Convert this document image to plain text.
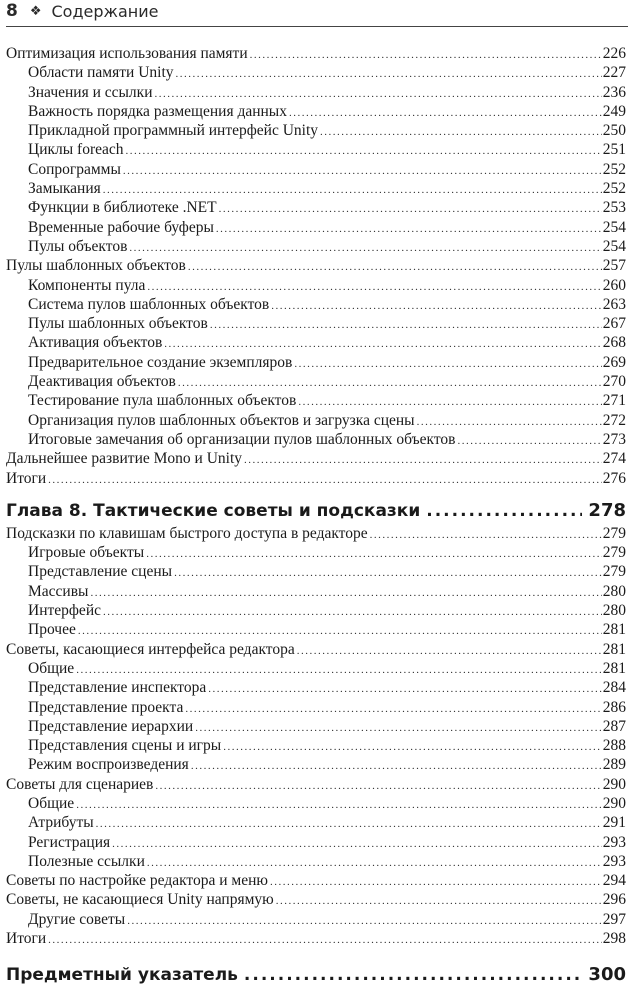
8 ❖ Содержание
Оптимизация использования памяти .....	226
Области памяти Unity .....	227
Значения и ссылки .....	236
Важность порядка размещения данных .....	249
Прикладной программный интерфейс Unity .....	250
Циклы foreach .....	251
Сопрограммы .....	252
Замыкания .....	252
Функции в библиотеке .NET .....	253
Временные рабочие буферы .....	254
Пулы объектов .....	254
Пулы шаблонных объектов .....	257
Компоненты пула .....	260
Система пулов шаблонных объектов .....	263
Пулы шаблонных объектов .....	267
Активация объектов .....	268
Предварительное создание экземпляров .....	269
Деактивация объектов .....	270
Тестирование пула шаблонных объектов .....	271
Организация пулов шаблонных объектов и загрузка сцены .....	272
Итоговые замечания об организации пулов шаблонных объектов .....	273
Дальнейшее развитие Mono и Unity .....	274
Итоги .....	276
Глава 8. Тактические советы и подсказки .....	278
Подсказки по клавишам быстрого доступа в редакторе .....	279
Игровые объекты .....	279
Представление сцены .....	279
Массивы .....	280
Интерфейс .....	280
Прочее .....	281
Советы, касающиеся интерфейса редактора .....	281
Общие .....	281
Представление инспектора .....	284
Представление проекта .....	286
Представление иерархии .....	287
Представления сцены и игры .....	288
Режим воспроизведения .....	289
Советы для сценариев .....	290
Общие .....	290
Атрибуты .....	291
Регистрация .....	293
Полезные ссылки .....	293
Советы по настройке редактора и меню .....	294
Советы, не касающиеся Unity напрямую .....	296
Другие советы .....	297
Итоги .....	298
Предметный указатель .....	300
